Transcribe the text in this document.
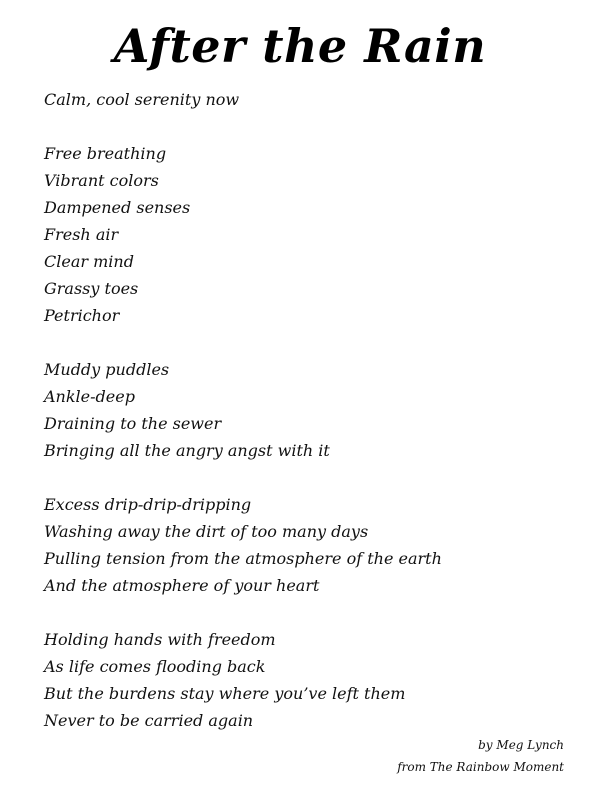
After the Rain
Calm, cool serenity now
Free breathing
Vibrant colors
Dampened senses
Fresh air
Clear mind
Grassy toes
Petrichor
Muddy puddles
Ankle-deep
Draining to the sewer
Bringing all the angry angst with it
Excess drip-drip-dripping
Washing away the dirt of too many days
Pulling tension from the atmosphere of the earth
And the atmosphere of your heart
Holding hands with freedom
As life comes flooding back
But the burdens stay where you’ve left them
Never to be carried again
by Meg Lynch
from The Rainbow Moment
